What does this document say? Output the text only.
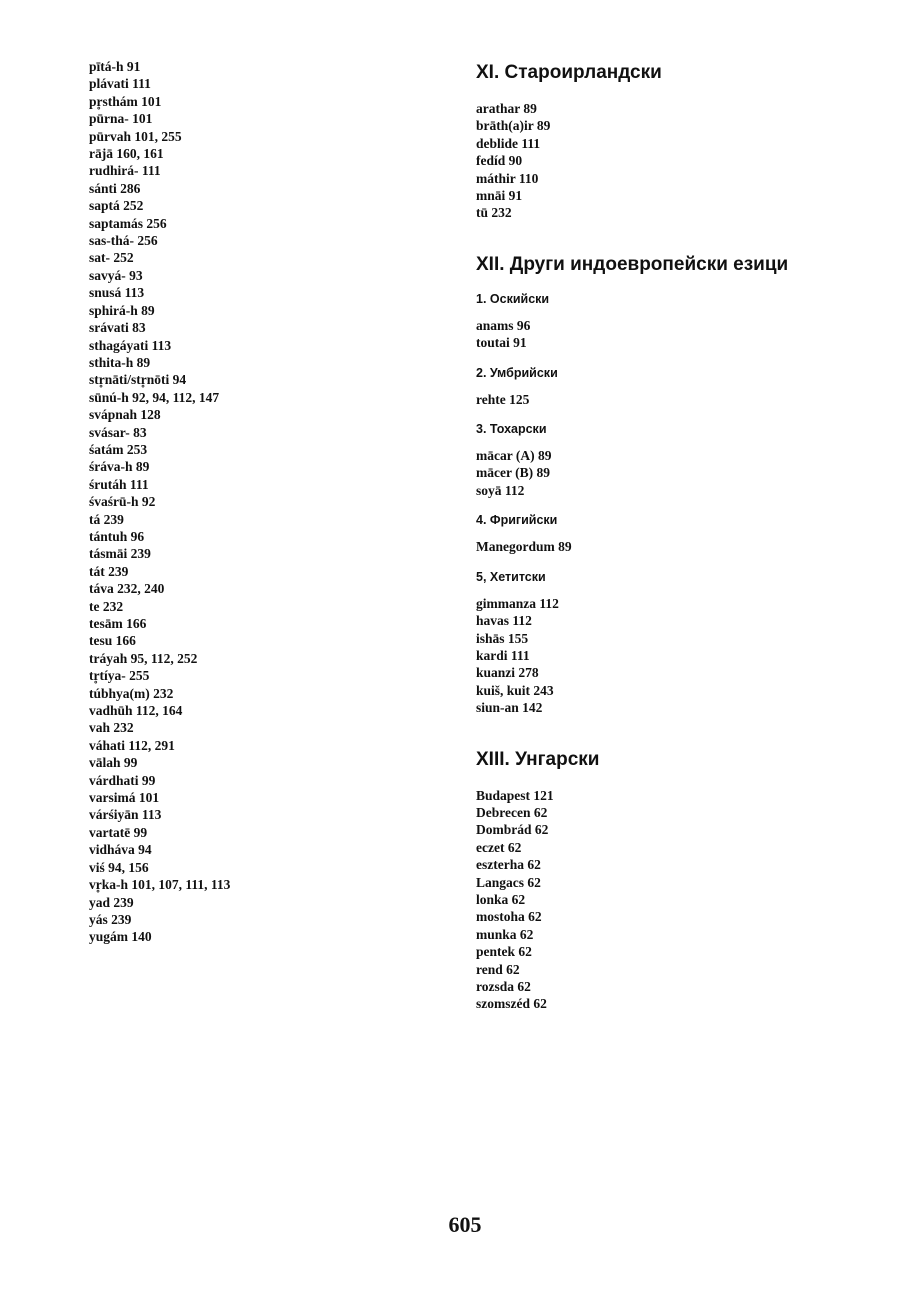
pītá-h 91
plávati 111
pr̥sthám 101
pūrna- 101
pūrvah 101, 255
rājā 160, 161
rudhirá- 111
sánti 286
saptá 252
saptamás 256
sas-thá- 256
sat- 252
savyá- 93
snusá 113
sphirá-h 89
srávati 83
sthagáyati 113
sthita-h 89
str̥nāti/str̥nōti 94
sūnú-h 92, 94, 112, 147
svápnah 128
svásar- 83
śatám 253
śráva-h 89
śrutáh 111
śvaśrū-h 92
tá 239
tántuh 96
tásmāi 239
tát 239
táva 232, 240
te 232
tesām 166
tesu 166
tráyah 95, 112, 252
tr̥tíya- 255
túbhya(m) 232
vadhūh 112, 164
vah 232
váhati 112, 291
vālah 99
várdhati 99
varsimá 101
várśiyān 113
vartatē 99
vidháva 94
viś 94, 156
vr̥ka-h 101, 107, 111, 113
yad 239
yás 239
yugám 140
XI. Староирландски
arathar 89
brāth(a)ir 89
deblide 111
fedíd 90
máthir 110
mnāi 91
tū 232
XII. Други индоевропейски езици
1. Оскийски
anams 96
toutai 91
2. Умбрийски
rehte 125
3. Тохарски
mācar (A) 89
mācer (B) 89
soyā 112
4. Фригийски
Manegordum 89
5, Хетитски
gimmanza 112
havas 112
ishās 155
kardi 111
kuanzi 278
kuiš, kuit 243
siun-an 142
XIII. Унгарски
Budapest 121
Debrecen 62
Dombrád 62
eczet 62
eszterha 62
Langacs 62
lonka 62
mostoha 62
munka 62
pentek 62
rend 62
rozsda 62
szomszéd 62
605
